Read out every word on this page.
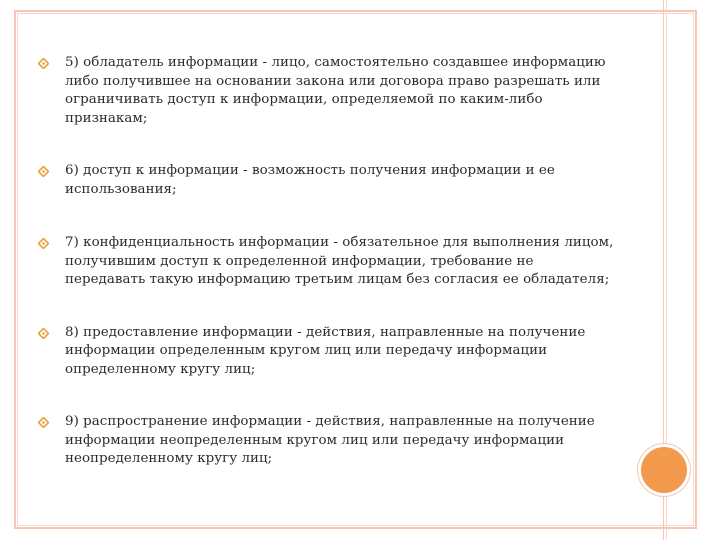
5) обладатель информации - лицо, самостоятельно создавшее информацию либо получившее на основании закона или договора право разрешать или ограничивать доступ к информации, определяемой по каким-либо признакам;
6) доступ к информации - возможность получения информации и ее использования;
7) конфиденциальность информации - обязательное для выполнения лицом, получившим доступ к определенной информации, требование не передавать такую информацию третьим лицам без согласия ее обладателя;
8) предоставление информации - действия, направленные на получение информации определенным кругом лиц или передачу информации определенному кругу лиц;
9) распространение информации - действия, направленные на получение информации неопределенным кругом лиц или передачу информации неопределенному кругу лиц;
